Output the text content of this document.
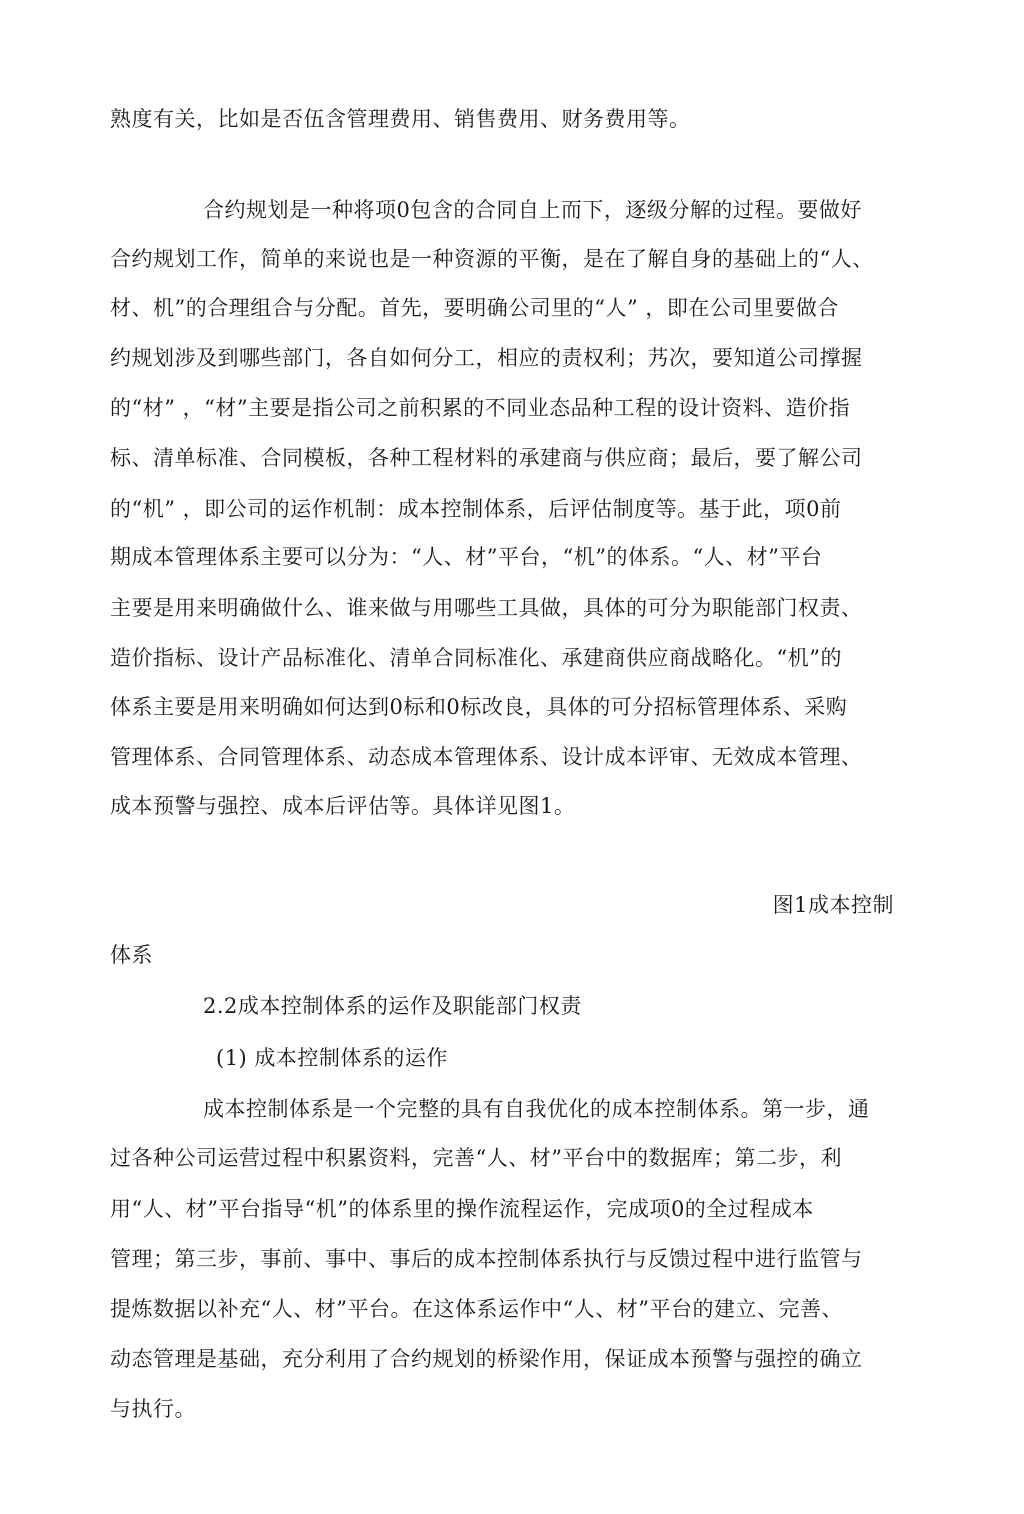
熟度有关，比如是否伍含管理费用、销售费用、财务费用等。
合约规划是一种将项0包含的合同自上而下，逐级分解的过程。要做好
合约规划工作，简单的来说也是一种资源的平衡，是在了解自身的基础上的“人、
材、机”的合理组合与分配。首先，要明确公司里的“人” ，即在公司里要做合
约规划涉及到哪些部门，各自如何分工，相应的责权利；艿次，要知道公司撑握
的“材” ，“材”主要是指公司之前积累的不同业态品种工程的设计资料、造价指
标、清单标准、合同模板，各种工程材料的承建商与供应商；最后，要了解公司
的“机” ，即公司的运作机制：成本控制体系，后评估制度等。基于此，项0前
期成本管理体系主要可以分为：“人、材”平台，“机”的体系。“人、材”平台
主要是用来明确做什么、谁来做与用哪些工具做，具体的可分为职能部门权责、
造价指标、设计产品标准化、清单合同标准化、承建商供应商战略化。“机”的
体系主要是用来明确如何达到0标和0标改良，具体的可分招标管理体系、采购
管理体系、合同管理体系、动态成本管理体系、设计成本评审、无效成本管理、
成本预警与强控、成本后评估等。具体详见图1。
图1成本控制
体系
2.2成本控制体系的运作及职能部门权责
(1) 成本控制体系的运作
成本控制体系是一个完整的具有自我优化的成本控制体系。第一步，通
过各种公司运营过程中积累资料，完善“人、材”平台中的数据库；第二步，利
用“人、材”平台指导“机”的体系里的操作流程运作，完成项0的全过程成本
管理；第三步，事前、事中、事后的成本控制体系执行与反馈过程中进行监管与
提炼数据以补充“人、材”平台。在这体系运作中“人、材”平台的建立、完善、
动态管理是基础，充分利用了合约规划的桥梁作用，保证成本预警与强控的确立
与执行。
